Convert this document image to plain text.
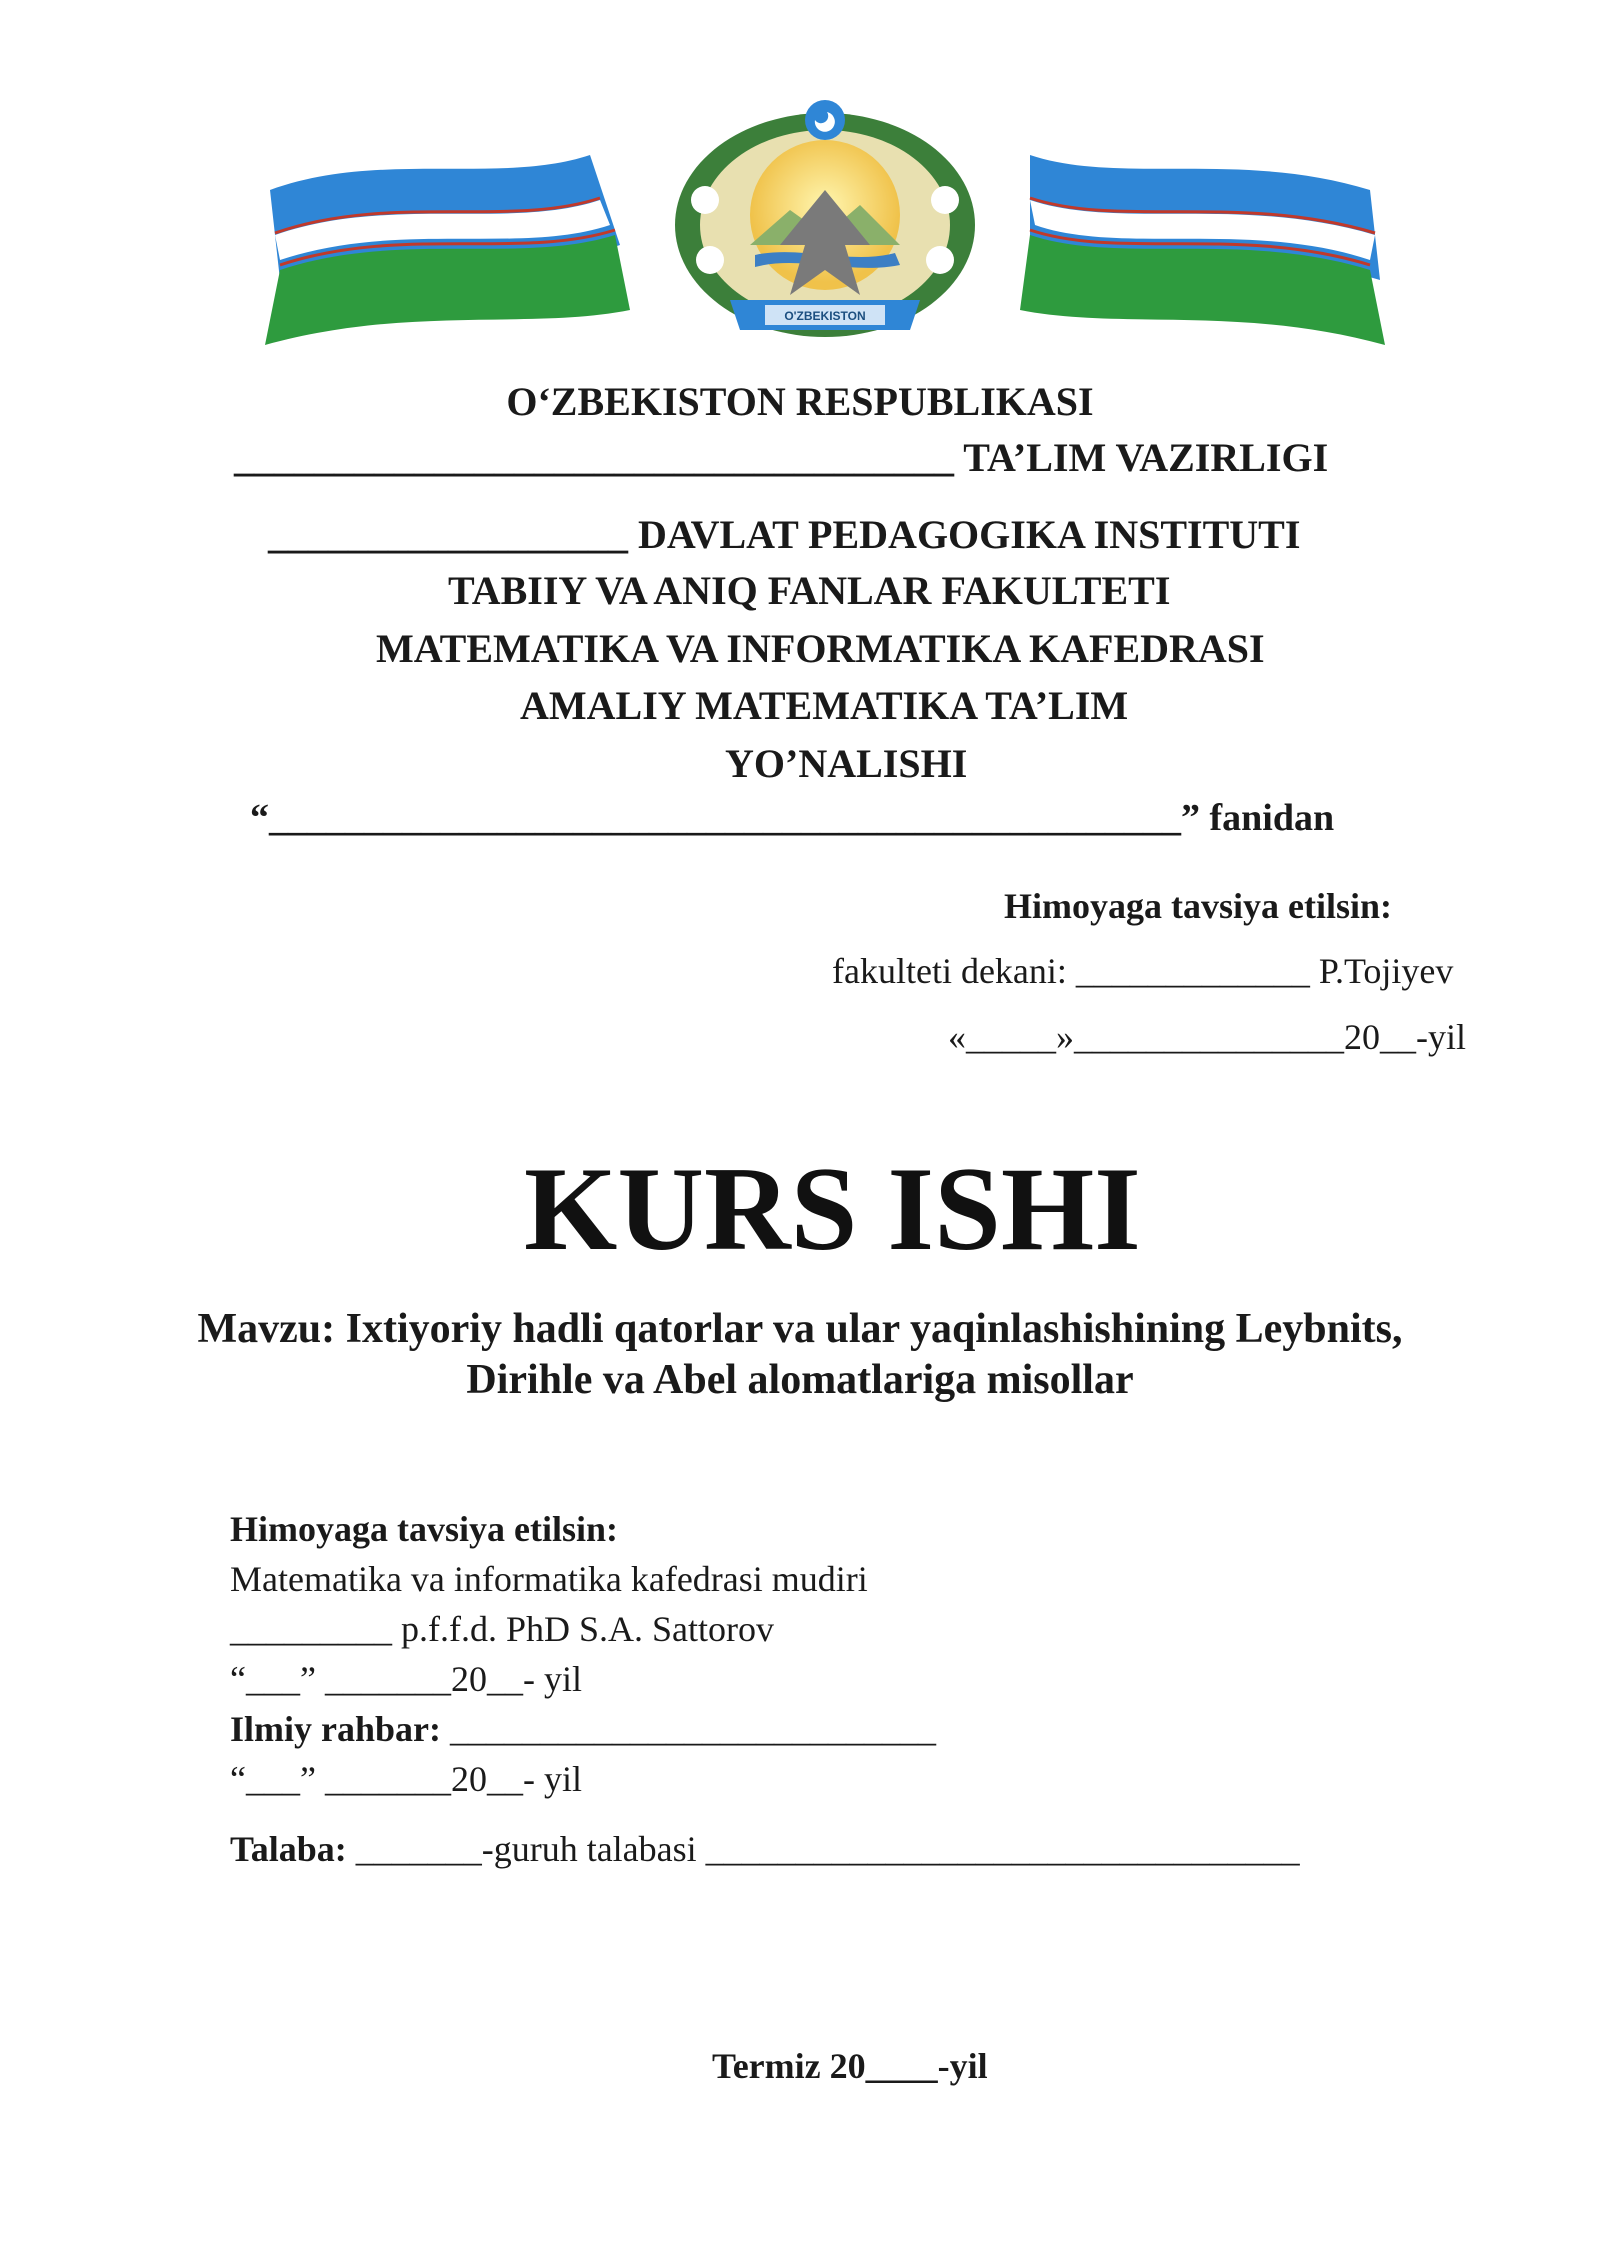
O'ZBEKISTON
O‘ZBEKISTON RESPUBLIKASI
____________________________________ TA’LIM VAZIRLIGI
__________________ DAVLAT PEDAGOGIKA INSTITUTI
TABIIY VA ANIQ FANLAR FAKULTETI
MATEMATIKA VA INFORMATIKA KAFEDRASI
AMALIY MATEMATIKA TA’LIM
YO’NALISHI
“________________________________________________” fanidan
Himoyaga tavsiya etilsin:
fakulteti dekani: _____________ P.Tojiyev
«_____»_______________20__-yil
KURS ISHI
Mavzu: Ixtiyoriy hadli qatorlar va ular yaqinlashishining Leybnits,
Dirihle va Abel alomatlariga misollar
Himoyaga tavsiya etilsin:
Matematika va informatika kafedrasi mudiri
_________ p.f.f.d. PhD S.A. Sattorov
“___” _______20__- yil
Ilmiy rahbar: ___________________________
“___” _______20__- yil
Talaba: _______-guruh talabasi _________________________________
Termiz 20____-yil
